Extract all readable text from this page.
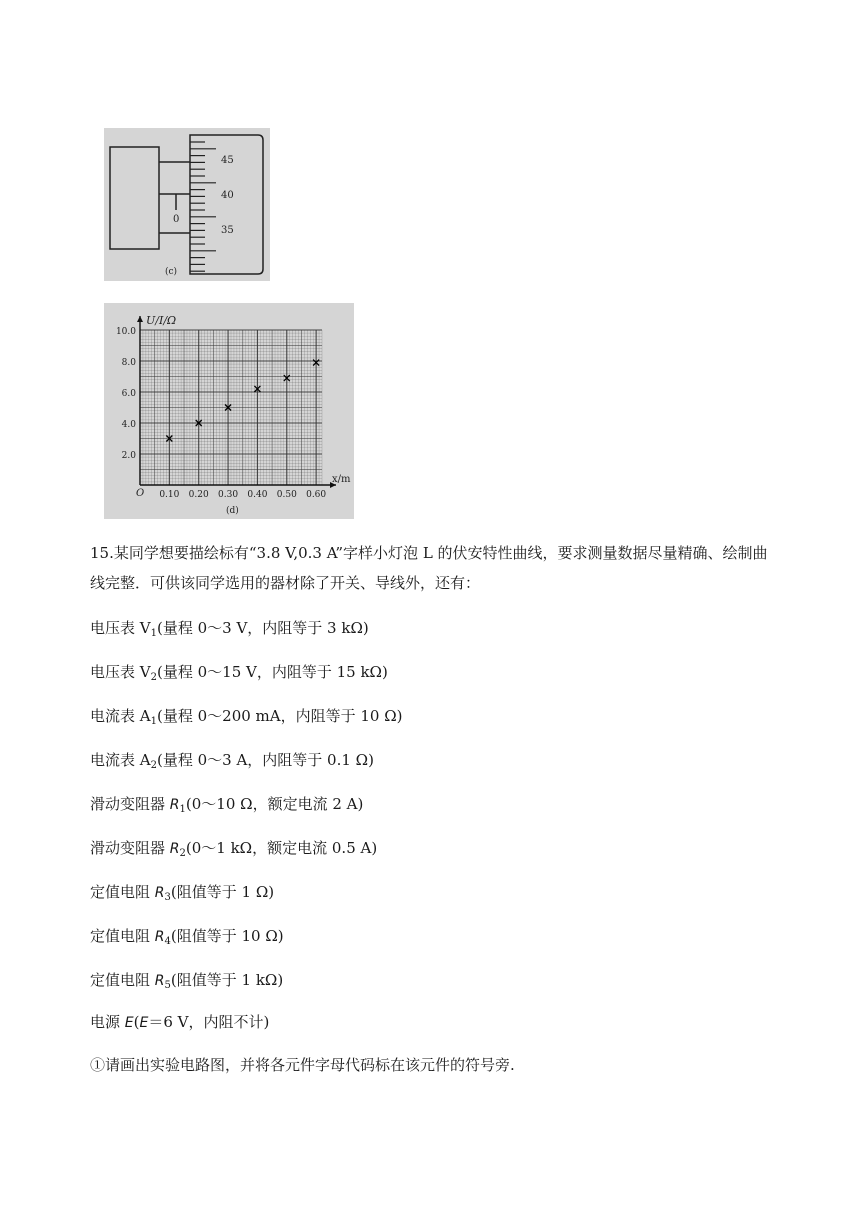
45
40
35
0
(c)
10.0
8.0
6.0
4.0
2.0
0.10 0.20 0.30 0.40 0.50 0.60
U/I/Ω
x/m
O
(d)

15.某同学想要描绘标有“3.8 V,0.3 A”字样小灯泡 L 的伏安特性曲线，要求测量数据尽量精确、绘制曲线完整．可供该同学选用的器材除了开关、导线外，还有：

电压表 $V_1$(量程 0～3 V，内阻等于 3 kΩ)
电压表 $V_2$(量程 0～15 V，内阻等于 15 kΩ)
电流表 $A_1$(量程 0～200 mA，内阻等于 10 Ω)
电流表 $A_2$(量程 0～3 A，内阻等于 0.1 Ω)
滑动变阻器 $R_1(0\sim 10$ Ω，额定电流 2 A)
滑动变阻器 $R_2(0\sim 1$ kΩ，额定电流 0.5 A)
定值电阻 $R_3$(阻值等于 1 Ω)
定值电阻 $R_4$(阻值等于 10 Ω)
定值电阻 $R_5$(阻值等于 1 kΩ)
电源 E(E＝6 V，内阻不计)
①请画出实验电路图，并将各元件字母代码标在该元件的符号旁.
